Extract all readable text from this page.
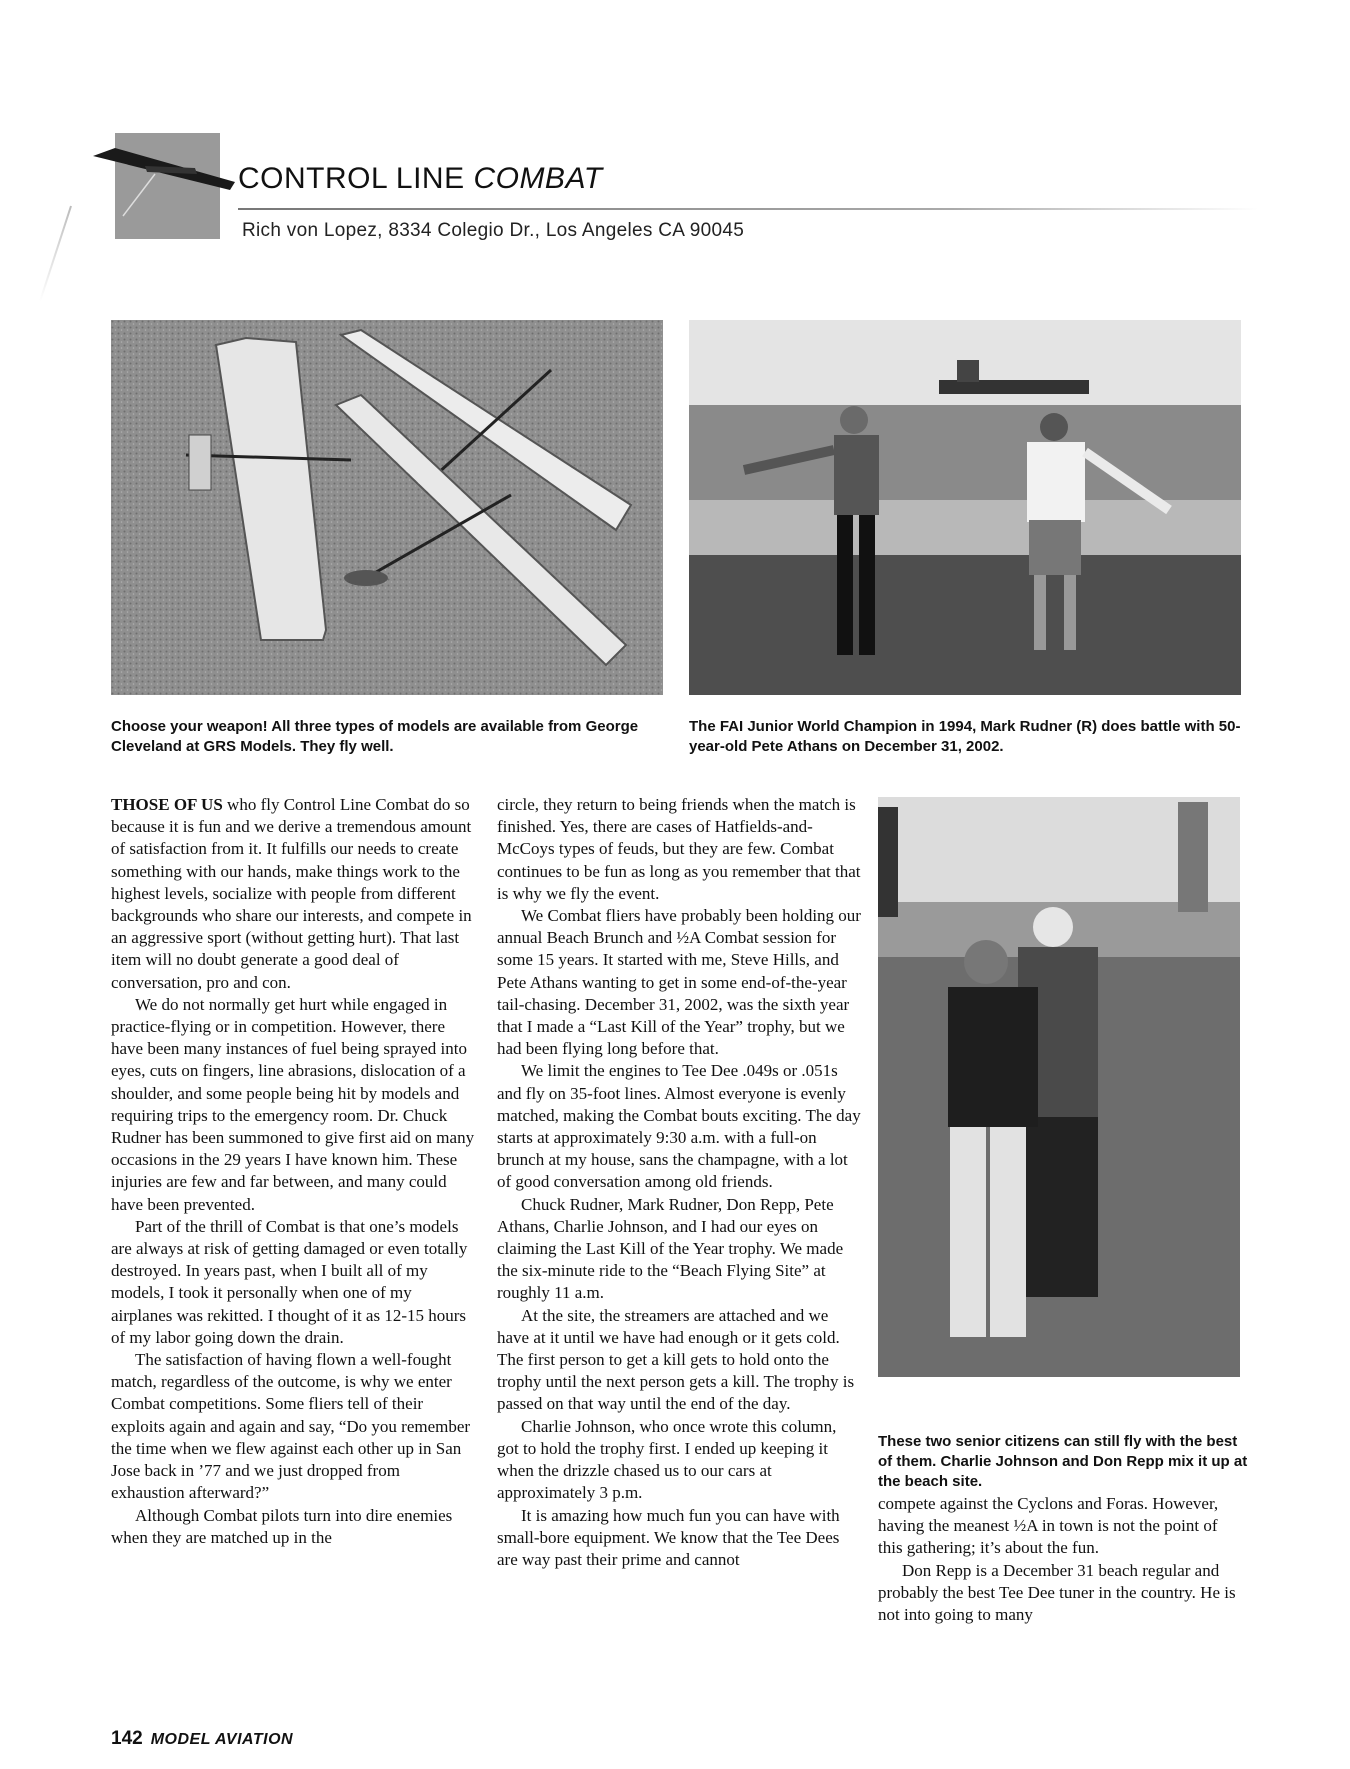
CONTROL LINE COMBAT
Rich von Lopez, 8334 Colegio Dr., Los Angeles CA 90045
Choose your weapon! All three types of models are available from George Cleveland at GRS Models. They fly well.
The FAI Junior World Champion in 1994, Mark Rudner (R) does battle with 50-year-old Pete Athans on December 31, 2002.
These two senior citizens can still fly with the best of them. Charlie Johnson and Don Repp mix it up at the beach site.

THOSE OF US who fly Control Line Combat do so because it is fun and we derive a tremendous amount of satisfaction from it. It fulfills our needs to create something with our hands, make things work to the highest levels, socialize with people from different backgrounds who share our interests, and compete in an aggressive sport (without getting hurt). That last item will no doubt generate a good deal of conversation, pro and con.

We do not normally get hurt while engaged in practice-flying or in competition. However, there have been many instances of fuel being sprayed into eyes, cuts on fingers, line abrasions, dislocation of a shoulder, and some people being hit by models and requiring trips to the emergency room. Dr. Chuck Rudner has been summoned to give first aid on many occasions in the 29 years I have known him. These injuries are few and far between, and many could have been prevented.

Part of the thrill of Combat is that one’s models are always at risk of getting damaged or even totally destroyed. In years past, when I built all of my models, I took it personally when one of my airplanes was rekitted. I thought of it as 12-15 hours of my labor going down the drain.

The satisfaction of having flown a well-fought match, regardless of the outcome, is why we enter Combat competitions. Some fliers tell of their exploits again and again and say, “Do you remember the time when we flew against each other up in San Jose back in ’77 and we just dropped from exhaustion afterward?”

Although Combat pilots turn into dire enemies when they are matched up in the

circle, they return to being friends when the match is finished. Yes, there are cases of Hatfields-and-McCoys types of feuds, but they are few. Combat continues to be fun as long as you remember that that is why we fly the event.

We Combat fliers have probably been holding our annual Beach Brunch and ½A Combat session for some 15 years. It started with me, Steve Hills, and Pete Athans wanting to get in some end-of-the-year tail-chasing. December 31, 2002, was the sixth year that I made a “Last Kill of the Year” trophy, but we had been flying long before that.

We limit the engines to Tee Dee .049s or .051s and fly on 35-foot lines. Almost everyone is evenly matched, making the Combat bouts exciting. The day starts at approximately 9:30 a.m. with a full-on brunch at my house, sans the champagne, with a lot of good conversation among old friends.

Chuck Rudner, Mark Rudner, Don Repp, Pete Athans, Charlie Johnson, and I had our eyes on claiming the Last Kill of the Year trophy. We made the six-minute ride to the “Beach Flying Site” at roughly 11 a.m.

At the site, the streamers are attached and we have at it until we have had enough or it gets cold. The first person to get a kill gets to hold onto the trophy until the next person gets a kill. The trophy is passed on that way until the end of the day.

Charlie Johnson, who once wrote this column, got to hold the trophy first. I ended up keeping it when the drizzle chased us to our cars at approximately 3 p.m.

It is amazing how much fun you can have with small-bore equipment. We know that the Tee Dees are way past their prime and cannot

compete against the Cyclons and Foras. However, having the meanest ½A in town is not the point of this gathering; it’s about the fun.

Don Repp is a December 31 beach regular and probably the best Tee Dee tuner in the country. He is not into going to many

142 MODEL AVIATION
